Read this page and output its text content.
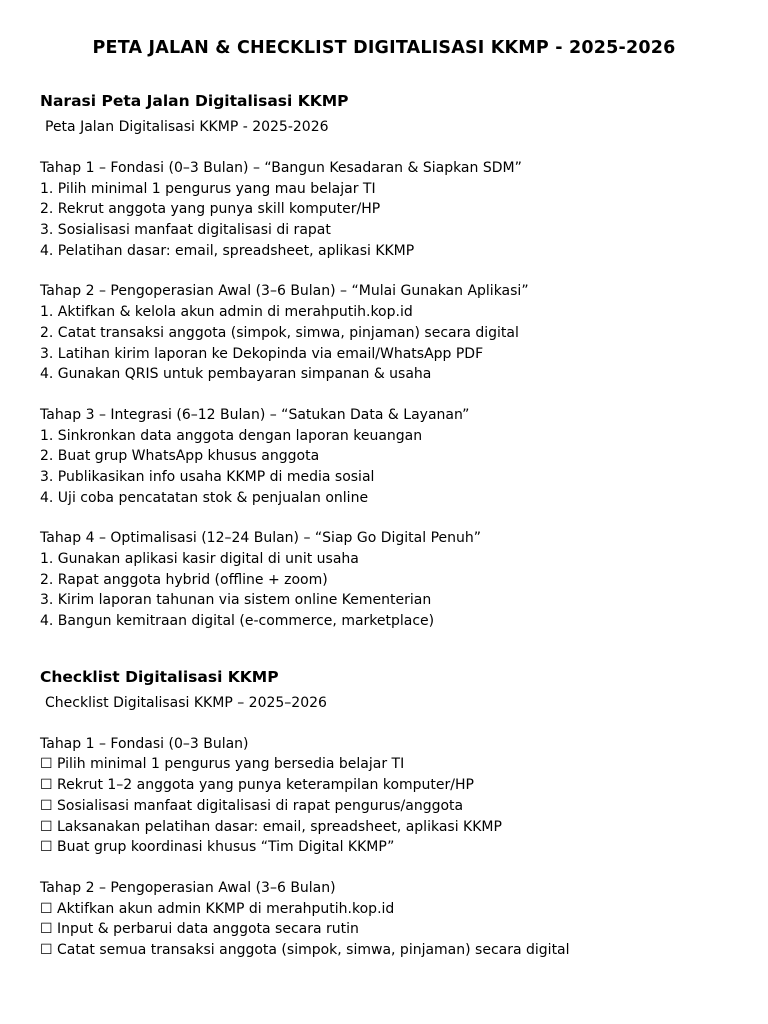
PETA JALAN & CHECKLIST DIGITALISASI KKMP - 2025-2026
Narasi Peta Jalan Digitalisasi KKMP
Peta Jalan Digitalisasi KKMP - 2025-2026
Tahap 1 – Fondasi (0–3 Bulan) – “Bangun Kesadaran & Siapkan SDM”
1. Pilih minimal 1 pengurus yang mau belajar TI
2. Rekrut anggota yang punya skill komputer/HP
3. Sosialisasi manfaat digitalisasi di rapat
4. Pelatihan dasar: email, spreadsheet, aplikasi KKMP
Tahap 2 – Pengoperasian Awal (3–6 Bulan) – “Mulai Gunakan Aplikasi”
1. Aktifkan & kelola akun admin di merahputih.kop.id
2. Catat transaksi anggota (simpok, simwa, pinjaman) secara digital
3. Latihan kirim laporan ke Dekopinda via email/WhatsApp PDF
4. Gunakan QRIS untuk pembayaran simpanan & usaha
Tahap 3 – Integrasi (6–12 Bulan) – “Satukan Data & Layanan”
1. Sinkronkan data anggota dengan laporan keuangan
2. Buat grup WhatsApp khusus anggota
3. Publikasikan info usaha KKMP di media sosial
4. Uji coba pencatatan stok & penjualan online
Tahap 4 – Optimalisasi (12–24 Bulan) – “Siap Go Digital Penuh”
1. Gunakan aplikasi kasir digital di unit usaha
2. Rapat anggota hybrid (offline + zoom)
3. Kirim laporan tahunan via sistem online Kementerian
4. Bangun kemitraan digital (e-commerce, marketplace)
Checklist Digitalisasi KKMP
Checklist Digitalisasi KKMP – 2025–2026
Tahap 1 – Fondasi (0–3 Bulan)
☐ Pilih minimal 1 pengurus yang bersedia belajar TI
☐ Rekrut 1–2 anggota yang punya keterampilan komputer/HP
☐ Sosialisasi manfaat digitalisasi di rapat pengurus/anggota
☐ Laksanakan pelatihan dasar: email, spreadsheet, aplikasi KKMP
☐ Buat grup koordinasi khusus “Tim Digital KKMP”
Tahap 2 – Pengoperasian Awal (3–6 Bulan)
☐ Aktifkan akun admin KKMP di merahputih.kop.id
☐ Input & perbarui data anggota secara rutin
☐ Catat semua transaksi anggota (simpok, simwa, pinjaman) secara digital
